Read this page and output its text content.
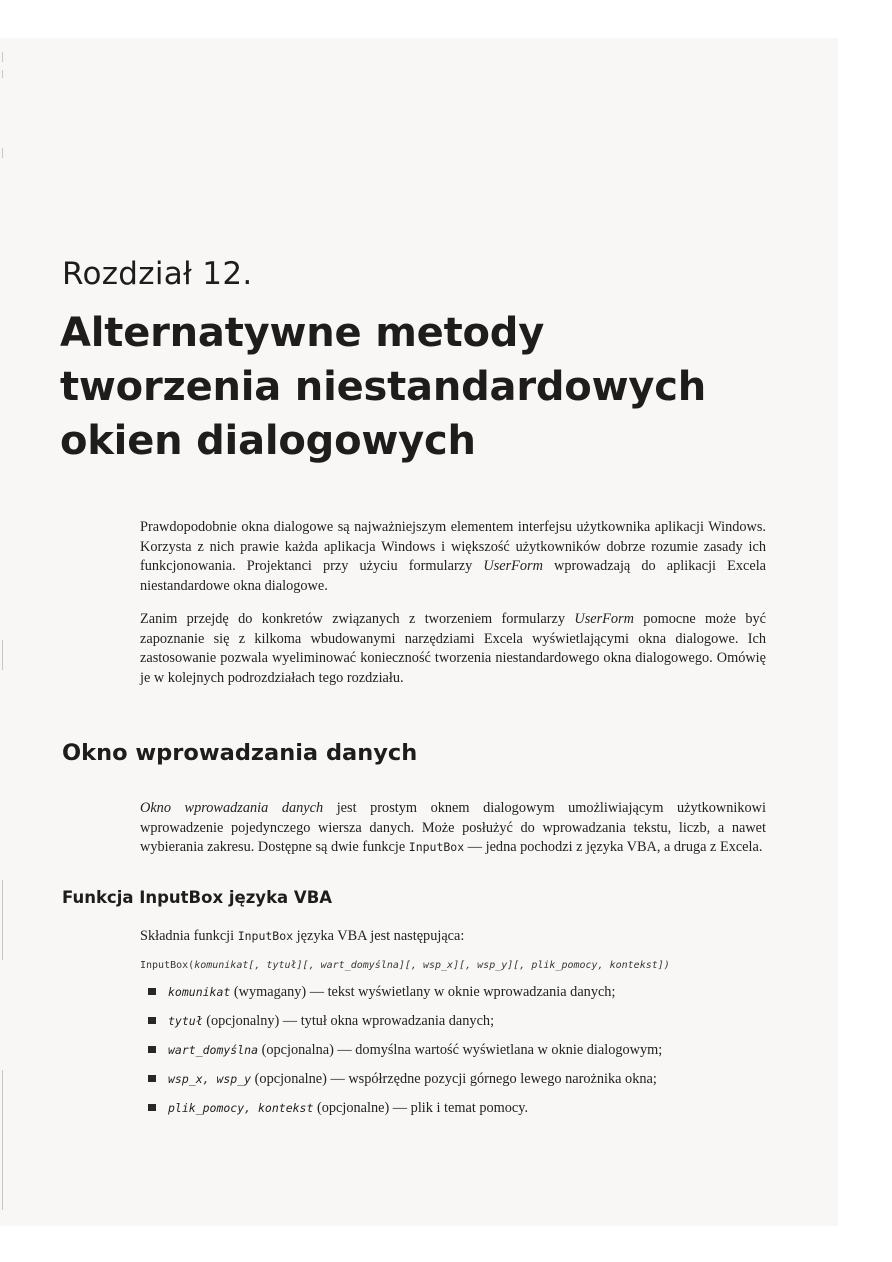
Rozdział 12.
Alternatywne metody
tworzenia niestandardowych
okien dialogowych

Prawdopodobnie okna dialogowe są najważniejszym elementem interfejsu użytkownika aplikacji Windows. Korzysta z nich prawie każda aplikacja Windows i większość użytkowników dobrze rozumie zasady ich funkcjonowania. Projektanci przy użyciu formularzy UserForm wprowadzają do aplikacji Excela niestandardowe okna dialogowe.

Zanim przejdę do konkretów związanych z tworzeniem formularzy UserForm pomocne może być zapoznanie się z kilkoma wbudowanymi narzędziami Excela wyświetlającymi okna dialogowe. Ich zastosowanie pozwala wyeliminować konieczność tworzenia niestandardowego okna dialogowego. Omówię je w kolejnych podrozdziałach tego rozdziału.

Okno wprowadzania danych

Okno wprowadzania danych jest prostym oknem dialogowym umożliwiającym użytkownikowi wprowadzenie pojedynczego wiersza danych. Może posłużyć do wprowadzania tekstu, liczb, a nawet wybierania zakresu. Dostępne są dwie funkcje InputBox — jedna pochodzi z języka VBA, a druga z Excela.

Funkcja InputBox języka VBA
Składnia funkcji InputBox języka VBA jest następująca:
InputBox(komunikat[, tytuł][, wart_domyślna][, wsp_x][, wsp_y][, plik_pomocy, kontekst])
komunikat (wymagany) — tekst wyświetlany w oknie wprowadzania danych;
tytuł (opcjonalny) — tytuł okna wprowadzania danych;
wart_domyślna (opcjonalna) — domyślna wartość wyświetlana w oknie dialogowym;
wsp_x, wsp_y (opcjonalne) — współrzędne pozycji górnego lewego narożnika okna;
plik_pomocy, kontekst (opcjonalne) — plik i temat pomocy.
